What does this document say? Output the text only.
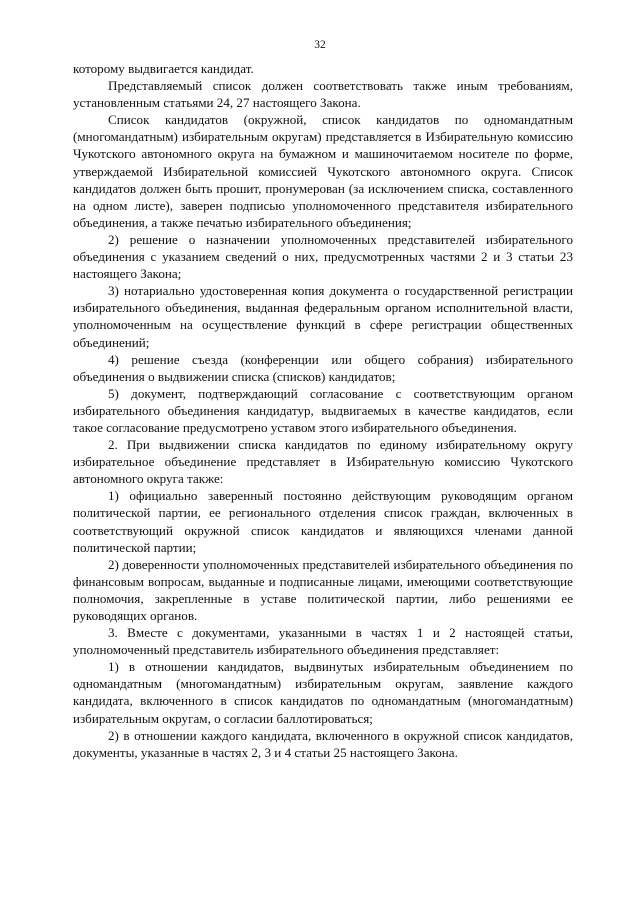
32

которому выдвигается кандидат.

Представляемый список должен соответствовать также иным требованиям, установленным статьями 24, 27 настоящего Закона.

Список кандидатов (окружной, список кандидатов по одномандатным (многомандатным) избирательным округам) представляется в Избирательную комиссию Чукотского автономного округа на бумажном и машиночитаемом носителе по форме, утверждаемой Избирательной комиссией Чукотского автономного округа. Список кандидатов должен быть прошит, пронумерован (за исключением списка, составленного на одном листе), заверен подписью уполномоченного представителя избирательного объединения, а также печатью избирательного объединения;

2) решение о назначении уполномоченных представителей избирательного объединения с указанием сведений о них, предусмотренных частями 2 и 3 статьи 23 настоящего Закона;

3) нотариально удостоверенная копия документа о государственной регистрации избирательного объединения, выданная федеральным органом исполнительной власти, уполномоченным на осуществление функций в сфере регистрации общественных объединений;

4) решение съезда (конференции или общего собрания) избирательного объединения о выдвижении списка (списков) кандидатов;

5) документ, подтверждающий согласование с соответствующим органом избирательного объединения кандидатур, выдвигаемых в качестве кандидатов, если такое согласование предусмотрено уставом этого избирательного объединения.

2. При выдвижении списка кандидатов по единому избирательному округу избирательное объединение представляет в Избирательную комиссию Чукотского автономного округа также:

1) официально заверенный постоянно действующим руководящим органом политической партии, ее регионального отделения список граждан, включенных в соответствующий окружной список кандидатов и являющихся членами данной политической партии;

2) доверенности уполномоченных представителей избирательного объединения по финансовым вопросам, выданные и подписанные лицами, имеющими соответствующие полномочия, закрепленные в уставе политической партии, либо решениями ее руководящих органов.

3. Вместе с документами, указанными в частях 1 и 2 настоящей статьи, уполномоченный представитель избирательного объединения представляет:

1) в отношении кандидатов, выдвинутых избирательным объединением по одномандатным (многомандатным) избирательным округам, заявление каждого кандидата, включенного в список кандидатов по одномандатным (многомандатным) избирательным округам, о согласии баллотироваться;

2) в отношении каждого кандидата, включенного в окружной список кандидатов, документы, указанные в частях 2, 3 и 4 статьи 25 настоящего Закона.
